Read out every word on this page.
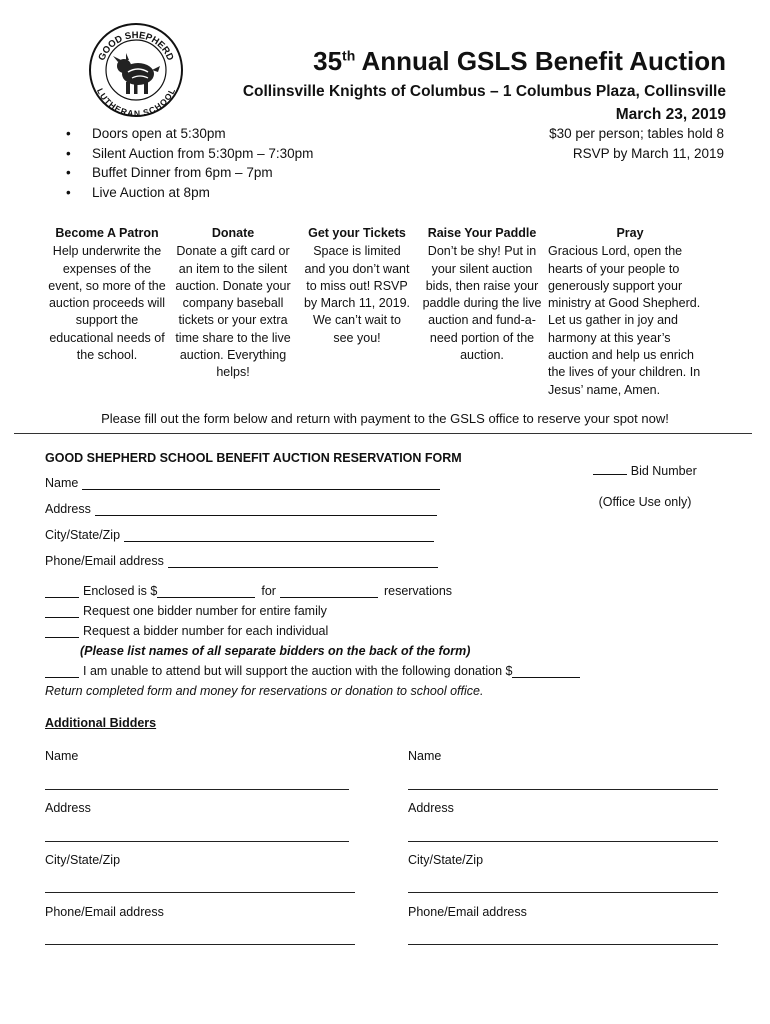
GOOD SHEPHERD
LUTHERAN SCHOOL
35th Annual GSLS Benefit Auction
Collinsville Knights of Columbus – 1 Columbus Plaza, Collinsville
March 23, 2019
• Doors open at 5:30pm
• Silent Auction from 5:30pm – 7:30pm
• Buffet Dinner from 6pm – 7pm
• Live Auction at 8pm
$30 per person; tables hold 8
RSVP by March 11, 2019
Become A Patron

Help underwrite the expenses of the event, so more of the auction proceeds will support the educational needs of the school.

Donate

Donate a gift card or an item to the silent auction. Donate your company baseball tickets or your extra time share to the live auction. Everything helps!

Get your Tickets

Space is limited and you don’t want to miss out! RSVP by March 11, 2019. We can’t wait to see you!

Raise Your Paddle

Don’t be shy! Put in your silent auction bids, then raise your paddle during the live auction and fund-a-need portion of the auction.

Pray

Gracious Lord, open the hearts of your people to generously support your ministry at Good Shepherd. Let us gather in joy and harmony at this year’s auction and help us enrich the lives of your children. In Jesus’ name, Amen.

Please fill out the form below and return with payment to the GSLS office to reserve your spot now!
GOOD SHEPHERD SCHOOL BENEFIT AUCTION RESERVATION FORM
Bid Number
(Office Use only)
Name
Address
City/State/Zip
Phone/Email address
Enclosed is $	for	reservations
Request one bidder number for entire family
Request a bidder number for each individual
(Please list names of all separate bidders on the back of the form)
I am unable to attend but will support the auction with the following donation $
Return completed form and money for reservations or donation to school office.
Additional Bidders
Name
Address
City/State/Zip
Phone/Email address
Name
Address
City/State/Zip
Phone/Email address
